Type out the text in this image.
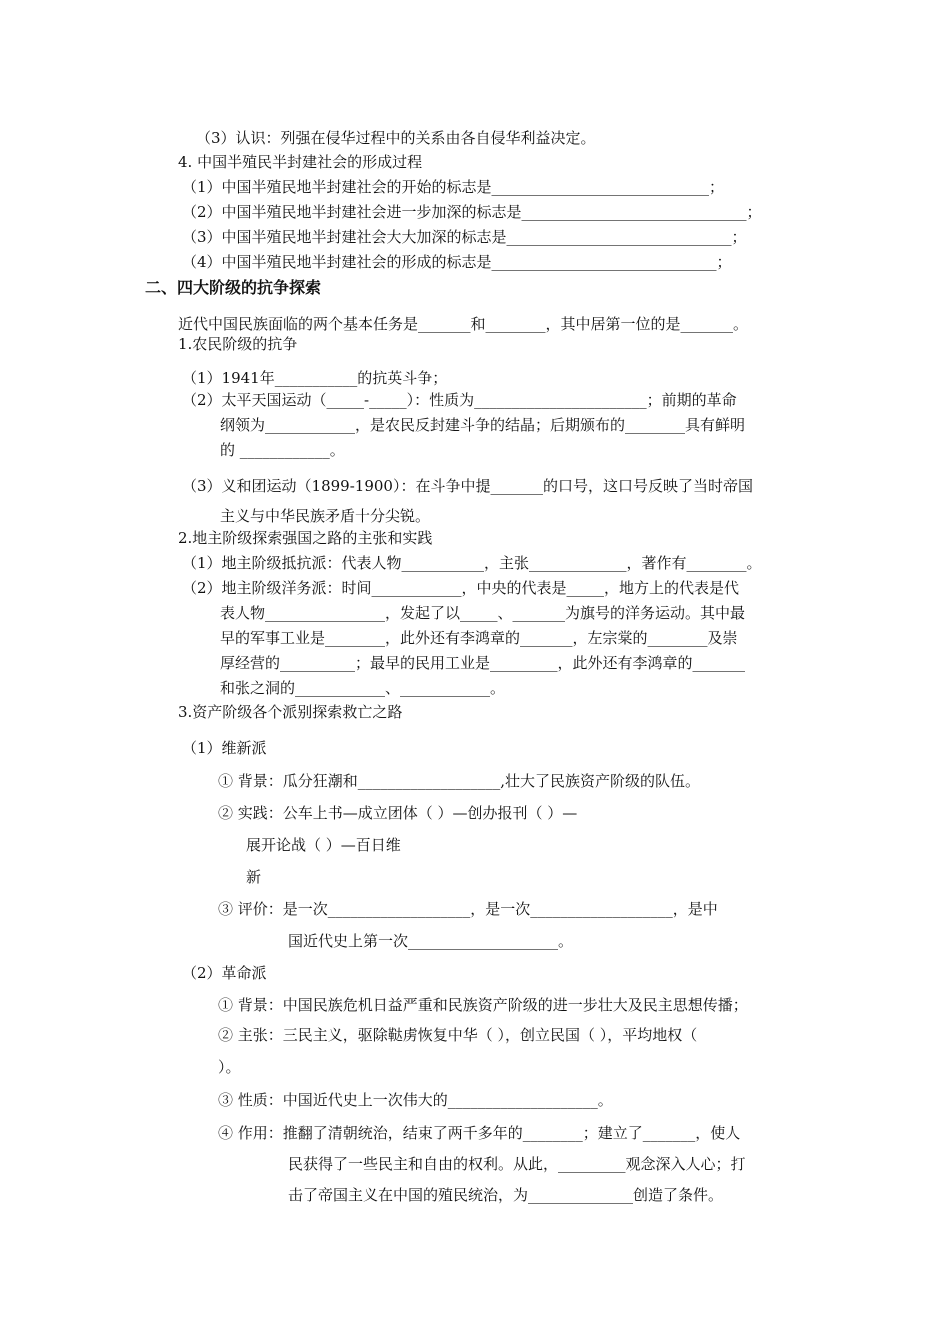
（3）认识：列强在侵华过程中的关系由各自侵华利益决定。
4. 中国半殖民半封建社会的形成过程
（1）中国半殖民地半封建社会的开始的标志是_____________________________；
（2）中国半殖民地半封建社会进一步加深的标志是______________________________；
（3）中国半殖民地半封建社会大大加深的标志是______________________________；
（4）中国半殖民地半封建社会的形成的标志是______________________________；
二、四大阶级的抗争探索
近代中国民族面临的两个基本任务是_______和________，其中居第一位的是_______。
1.农民阶级的抗争
（1）1941年___________的抗英斗争；
（2）太平天国运动（_____-_____）：性质为_______________________；前期的革命
纲领为____________，是农民反封建斗争的结晶；后期颁布的________具有鲜明
的 ____________。
（3）义和团运动（1899-1900）：在斗争中提_______的口号，这口号反映了当时帝国
主义与中华民族矛盾十分尖锐。
2.地主阶级探索强国之路的主张和实践
（1）地主阶级抵抗派：代表人物___________，主张_____________，著作有________。
（2）地主阶级洋务派：时间____________，中央的代表是_____，地方上的代表是代
表人物________________，发起了以_____、_______为旗号的洋务运动。其中最
早的军事工业是________，此外还有李鸿章的_______，左宗棠的________及崇
厚经营的__________；最早的民用工业是_________，此外还有李鸿章的_______
和张之洞的____________、____________。
3.资产阶级各个派别探索救亡之路
（1）维新派
① 背景：瓜分狂潮和___________________,壮大了民族资产阶级的队伍。
② 实践：公车上书—成立团体（ ）—创办报刊（ ）—
展开论战（ ）—百日维
新
③ 评价：是一次___________________，是一次___________________，是中
国近代史上第一次____________________。
（2）革命派
① 背景：中国民族危机日益严重和民族资产阶级的进一步壮大及民主思想传播；
② 主张：三民主义，驱除鞑虏恢复中华（ ），创立民国（ ），平均地权（
）。
③ 性质：中国近代史上一次伟大的____________________。
④ 作用：推翻了清朝统治，结束了两千多年的________；建立了_______，使人
民获得了一些民主和自由的权利。从此，_________观念深入人心；打
击了帝国主义在中国的殖民统治，为______________创造了条件。
